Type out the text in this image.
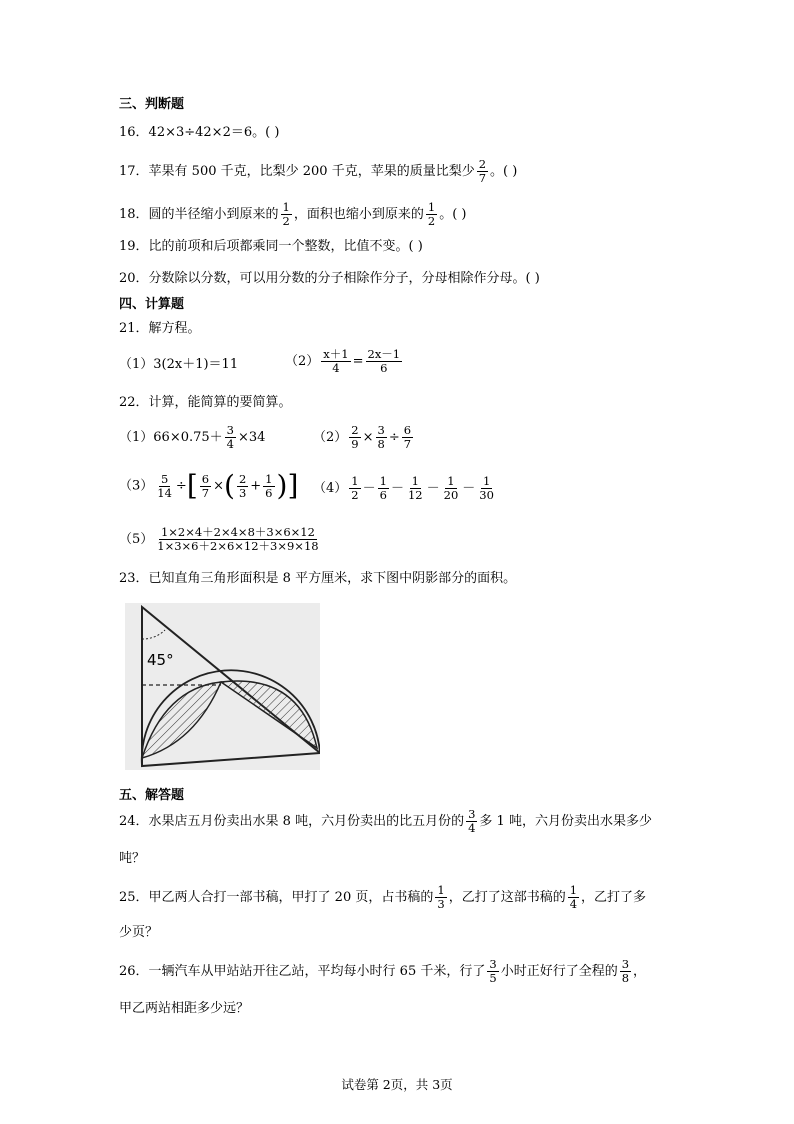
三、判断题
16．42×3÷42×2＝6。( )
17．苹果有 500 千克，比梨少 200 千克，苹果的质量比梨少 $\frac{2}{7}$ 。( )
18．圆的半径缩小到原来的 $\frac{1}{2}$ ，面积也缩小到原来的 $\frac{1}{2}$ 。( )
19．比的前项和后项都乘同一个整数，比值不变。( )
20．分数除以分数，可以用分数的分子相除作分子，分母相除作分母。( )
四、计算题
21．解方程。
（1）3(2x＋1)＝11	$(2) \frac{x+1}{4} = \frac{2x-1}{6}$
22．计算，能简算的要简算。
$(1)66\times 0.75+ \frac{3}{4} \times 34$	$(2) \frac{2}{9} \times \frac{3}{8} \div \frac{6}{7}$
$(3) \frac{5}{14}$ ÷[ $\frac{6}{7}$ ×( $\frac{2}{3} + \frac{1}{6}$ )] $(4) \frac{1}{2} - \frac{1}{6} - \frac{1}{12} - \frac{1}{20} - \frac{1}{30}$
$(5) \frac{1\times 2\times 4+2\times 4\times 8+3\times 6\times 12}{1\times 3\times 6+2\times 6\times 12+3\times 9\times 18}$
23．已知直角三角形面积是 8 平方厘米，求下图中阴影部分的面积。
45°
五、解答题
24．水果店五月份卖出水果 8 吨，六月份卖出的比五月份的 $\frac{3}{4}$ 多 1 吨，六月份卖出水果多少
吨？
25．甲乙两人合打一部书稿，甲打了 20 页，占书稿的 $\frac{1}{3}$ ，乙打了这部书稿的 $\frac{1}{4}$ ，乙打了多
少页？
26．一辆汽车从甲站站开往乙站，平均每小时行 65 千米，行了 $\frac{3}{5}$ 小时正好行了全程的 $\frac{3}{8}$ ，
甲乙两站相距多少远？
试卷第 2页，共 3页
